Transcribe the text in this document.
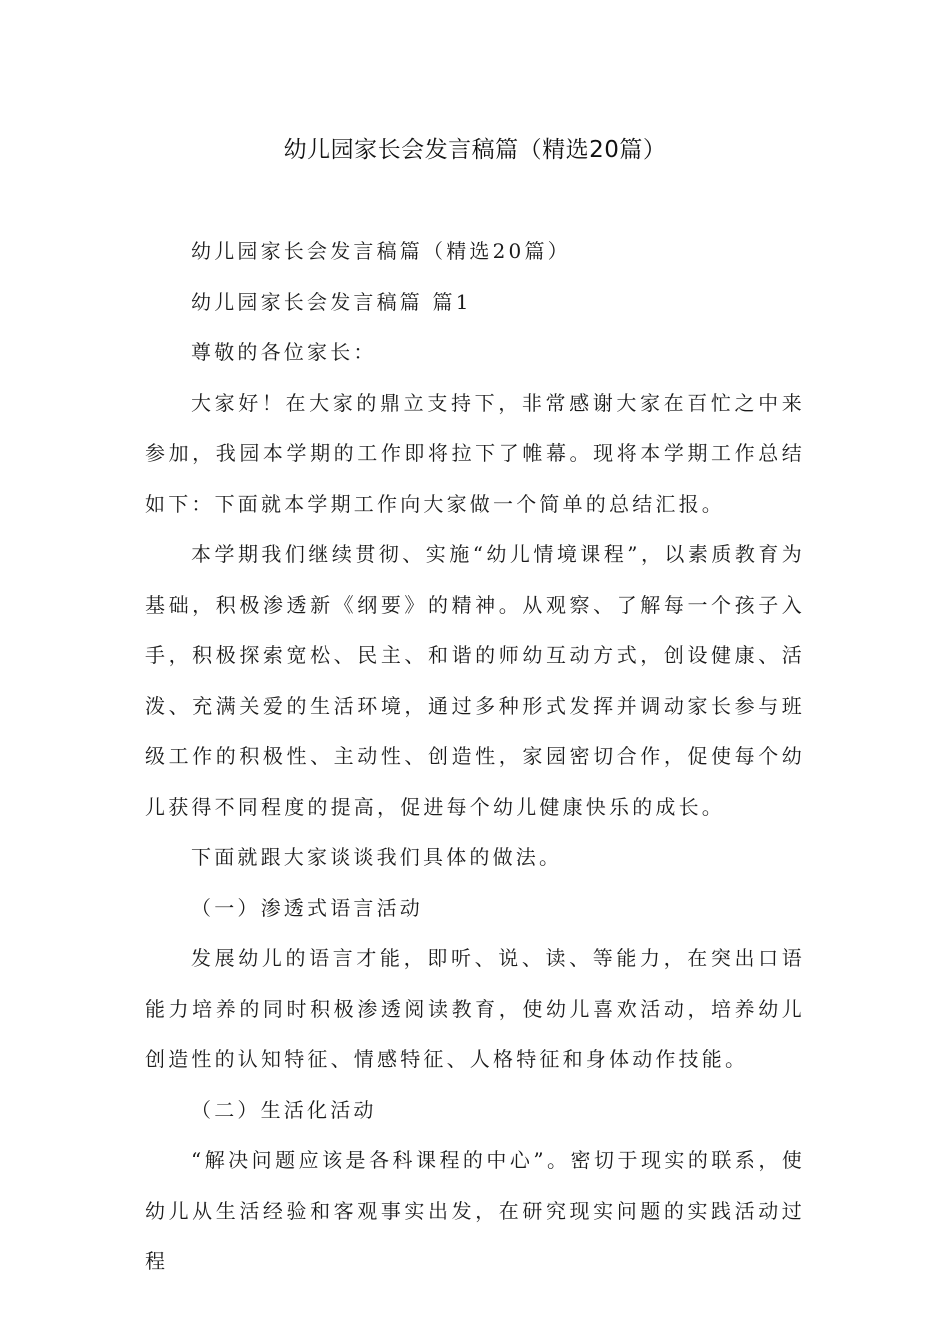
幼儿园家长会发言稿篇（精选20篇）

幼儿园家长会发言稿篇（精选20篇）

幼儿园家长会发言稿篇 篇1

尊敬的各位家长：

大家好！在大家的鼎立支持下，非常感谢大家在百忙之中来参加，我园本学期的工作即将拉下了帷幕。现将本学期工作总结如下：下面就本学期工作向大家做一个简单的总结汇报。

本学期我们继续贯彻、实施“幼儿情境课程”，以素质教育为基础，积极渗透新《纲要》的精神。从观察、了解每一个孩子入手，积极探索宽松、民主、和谐的师幼互动方式，创设健康、活泼、充满关爱的生活环境，通过多种形式发挥并调动家长参与班级工作的积极性、主动性、创造性，家园密切合作，促使每个幼儿获得不同程度的提高，促进每个幼儿健康快乐的成长。

下面就跟大家谈谈我们具体的做法。

（一）渗透式语言活动

发展幼儿的语言才能，即听、说、读、等能力，在突出口语能力培养的同时积极渗透阅读教育，使幼儿喜欢活动，培养幼儿创造性的认知特征、情感特征、人格特征和身体动作技能。

（二）生活化活动

“解决问题应该是各科课程的中心”。密切于现实的联系，使幼儿从生活经验和客观事实出发，在研究现实问题的实践活动过程
